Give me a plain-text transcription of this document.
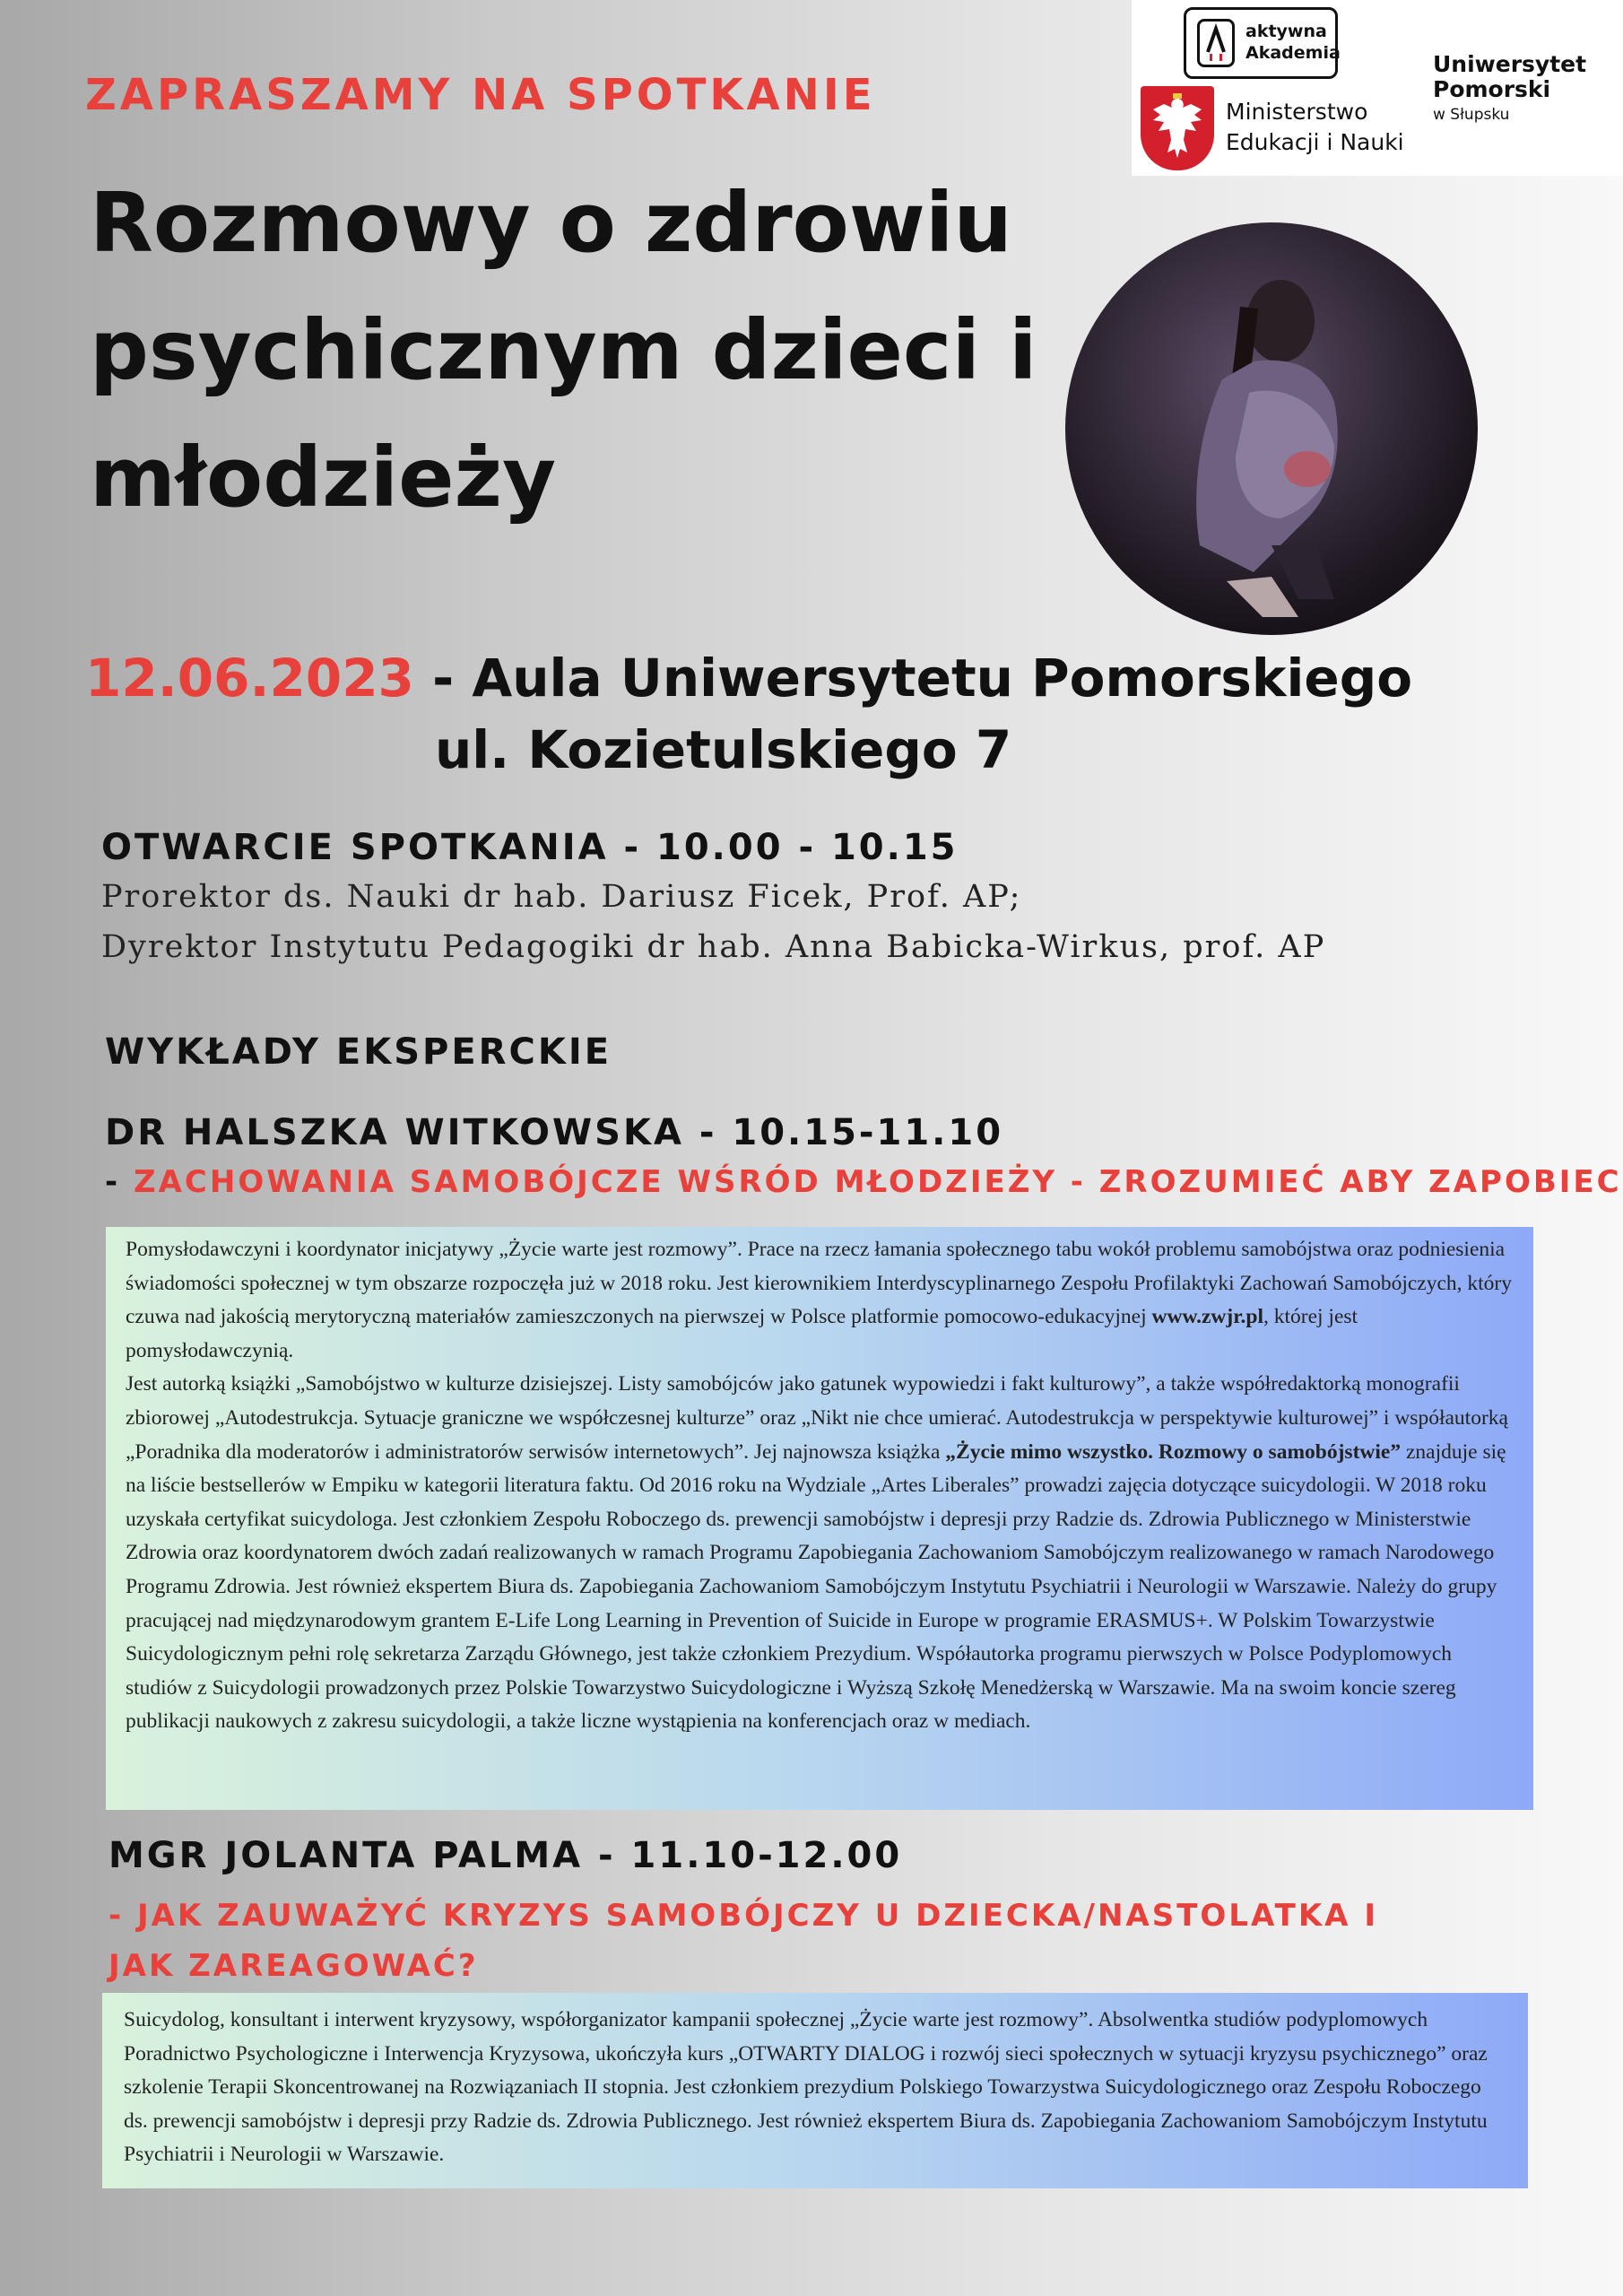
aktywna
Akademia
Ministerstwo
Edukacji i Nauki
Uniwersytet
Pomorski
w Słupsku
ZAPRASZAMY NA SPOTKANIE
Rozmowy o zdrowiu
psychicznym dzieci i
młodzieży
12.06.2023 - Aula Uniwersytetu Pomorskiego
ul. Kozietulskiego 7
OTWARCIE SPOTKANIA - 10.00 - 10.15
Prorektor ds. Nauki dr hab. Dariusz Ficek, Prof. AP;
Dyrektor Instytutu Pedagogiki dr hab. Anna Babicka-Wirkus, prof. AP
WYKŁADY EKSPERCKIE
DR HALSZKA WITKOWSKA - 10.15-11.10
- ZACHOWANIA SAMOBÓJCZE WŚRÓD MŁODZIEŻY - ZROZUMIEĆ ABY ZAPOBIEC

Pomysłodawczyni i koordynator inicjatywy „Życie warte jest rozmowy”. Prace na rzecz łamania społecznego tabu wokół problemu samobójstwa oraz podniesienia świadomości społecznej w tym obszarze rozpoczęła już w 2018 roku. Jest kierownikiem Interdyscyplinarnego Zespołu Profilaktyki Zachowań Samobójczych, który czuwa nad jakością merytoryczną materiałów zamieszczonych na pierwszej w Polsce platformie pomocowo-edukacyjnej www.zwjr.pl, której jest pomysłodawczynią.

Jest autorką książki „Samobójstwo w kulturze dzisiejszej. Listy samobójców jako gatunek wypowiedzi i fakt kulturowy”, a także współredaktorką monografii zbiorowej „Autodestrukcja. Sytuacje graniczne we współczesnej kulturze” oraz „Nikt nie chce umierać. Autodestrukcja w perspektywie kulturowej” i współautorką „Poradnika dla moderatorów i administratorów serwisów internetowych”. Jej najnowsza książka „Życie mimo wszystko. Rozmowy o samobójstwie” znajduje się na liście bestsellerów w Empiku w kategorii literatura faktu. Od 2016 roku na Wydziale „Artes Liberales” prowadzi zajęcia dotyczące suicydologii. W 2018 roku uzyskała certyfikat suicydologa. Jest członkiem Zespołu Roboczego ds. prewencji samobójstw i depresji przy Radzie ds. Zdrowia Publicznego w Ministerstwie Zdrowia oraz koordynatorem dwóch zadań realizowanych w ramach Programu Zapobiegania Zachowaniom Samobójczym realizowanego w ramach Narodowego Programu Zdrowia. Jest również ekspertem Biura ds. Zapobiegania Zachowaniom Samobójczym Instytutu Psychiatrii i Neurologii w Warszawie. Należy do grupy pracującej nad międzynarodowym grantem E-Life Long Learning in Prevention of Suicide in Europe w programie ERASMUS+. W Polskim Towarzystwie Suicydologicznym pełni rolę sekretarza Zarządu Głównego, jest także członkiem Prezydium. Współautorka programu pierwszych w Polsce Podyplomowych studiów z Suicydologii prowadzonych przez Polskie Towarzystwo Suicydologiczne i Wyższą Szkołę Menedżerską w Warszawie. Ma na swoim koncie szereg publikacji naukowych z zakresu suicydologii, a także liczne wystąpienia na konferencjach oraz w mediach.

MGR JOLANTA PALMA - 11.10-12.00
- JAK ZAUWAŻYĆ KRYZYS SAMOBÓJCZY U DZIECKA/NASTOLATKA I JAK ZAREAGOWAĆ?

Suicydolog, konsultant i interwent kryzysowy, współorganizator kampanii społecznej „Życie warte jest rozmowy”. Absolwentka studiów podyplomowych Poradnictwo Psychologiczne i Interwencja Kryzysowa, ukończyła kurs „OTWARTY DIALOG i rozwój sieci społecznych w sytuacji kryzysu psychicznego” oraz szkolenie Terapii Skoncentrowanej na Rozwiązaniach II stopnia. Jest członkiem prezydium Polskiego Towarzystwa Suicydologicznego oraz Zespołu Roboczego ds. prewencji samobójstw i depresji przy Radzie ds. Zdrowia Publicznego. Jest również ekspertem Biura ds. Zapobiegania Zachowaniom Samobójczym Instytutu Psychiatrii i Neurologii w Warszawie.
